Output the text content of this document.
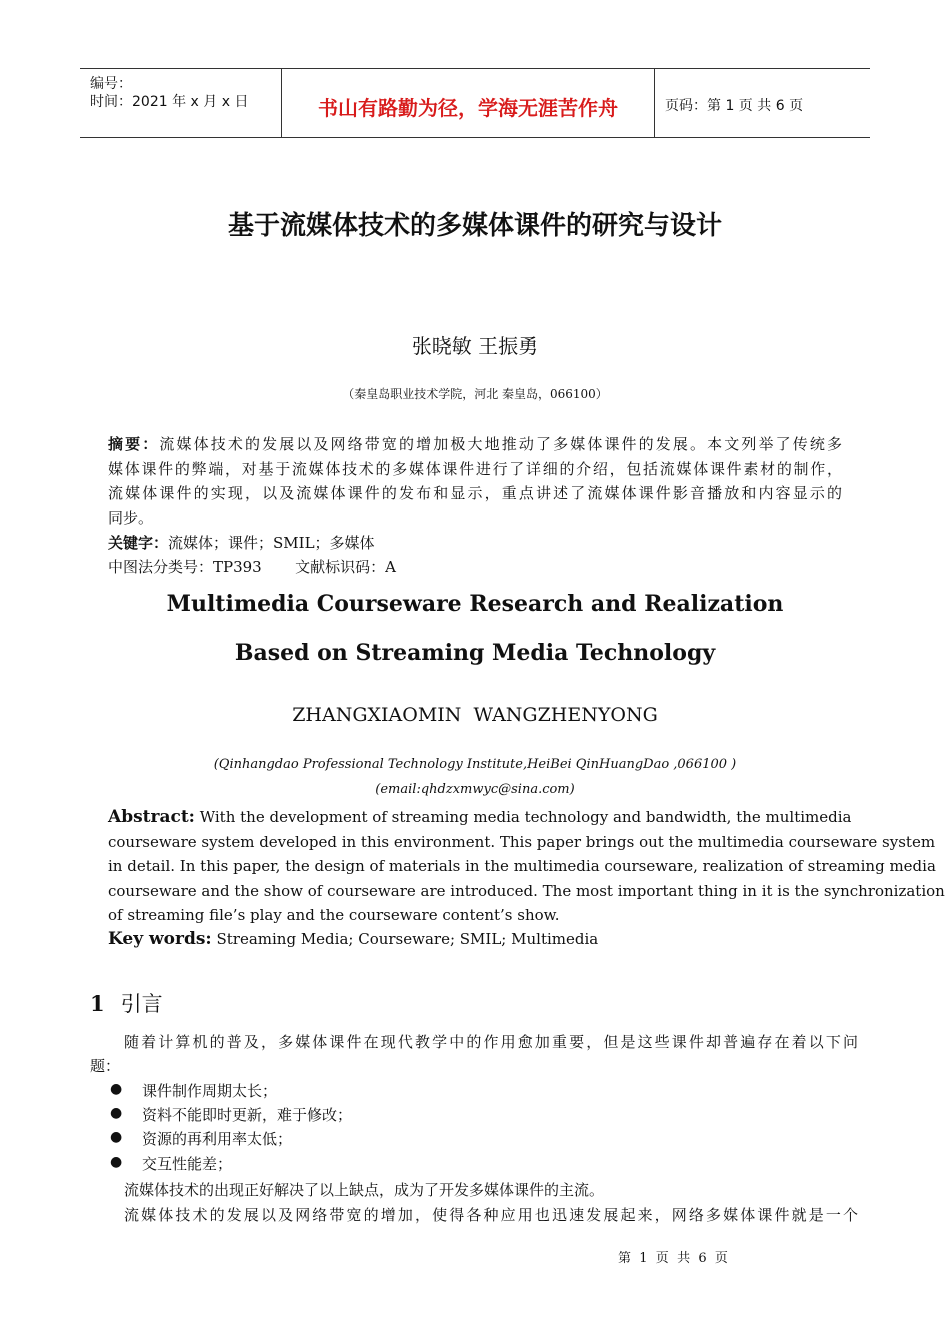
编号：
时间：2021 年 x 月 x 日	书山有路勤为径，学海无涯苦作舟	页码：第 1 页 共 6 页
基于流媒体技术的多媒体课件的研究与设计
张晓敏 王振勇
（秦皇岛职业技术学院，河北 秦皇岛，066100）
摘要：流媒体技术的发展以及网络带宽的增加极大地推动了多媒体课件的发展。本文列举了传统多
媒体课件的弊端，对基于流媒体技术的多媒体课件进行了详细的介绍，包括流媒体课件素材的制作，
流媒体课件的实现，以及流媒体课件的发布和显示，重点讲述了流媒体课件影音播放和内容显示的
同步。
关键字：流媒体；课件；SMIL；多媒体
中图法分类号：TP393       文献标识码：A
Multimedia Courseware Research and Realization
Based on Streaming Media Technology
ZHANGXIAOMIN  WANGZHENYONG
(Qinhangdao Professional Technology Institute,HeiBei QinHuangDao ,066100 )
(email:qhdzxmwyc@sina.com)
Abstract: With the development of streaming media technology and bandwidth, the multimedia
courseware system developed in this environment. This paper brings out the multimedia courseware system
in detail. In this paper, the design of materials in the multimedia courseware, realization of streaming media
courseware and the show of courseware are introduced. The most important thing in it is the synchronization
of streaming file’s play and the courseware content’s show.
Key words: Streaming Media; Courseware; SMIL; Multimedia
1 引言
随着计算机的普及，多媒体课件在现代教学中的作用愈加重要，但是这些课件却普遍存在着以下问
题：
● 课件制作周期太长；
● 资料不能即时更新，难于修改；
● 资源的再利用率太低；
● 交互性能差；
流媒体技术的出现正好解决了以上缺点，成为了开发多媒体课件的主流。
流媒体技术的发展以及网络带宽的增加，使得各种应用也迅速发展起来，网络多媒体课件就是一个
第  1  页  共  6  页
